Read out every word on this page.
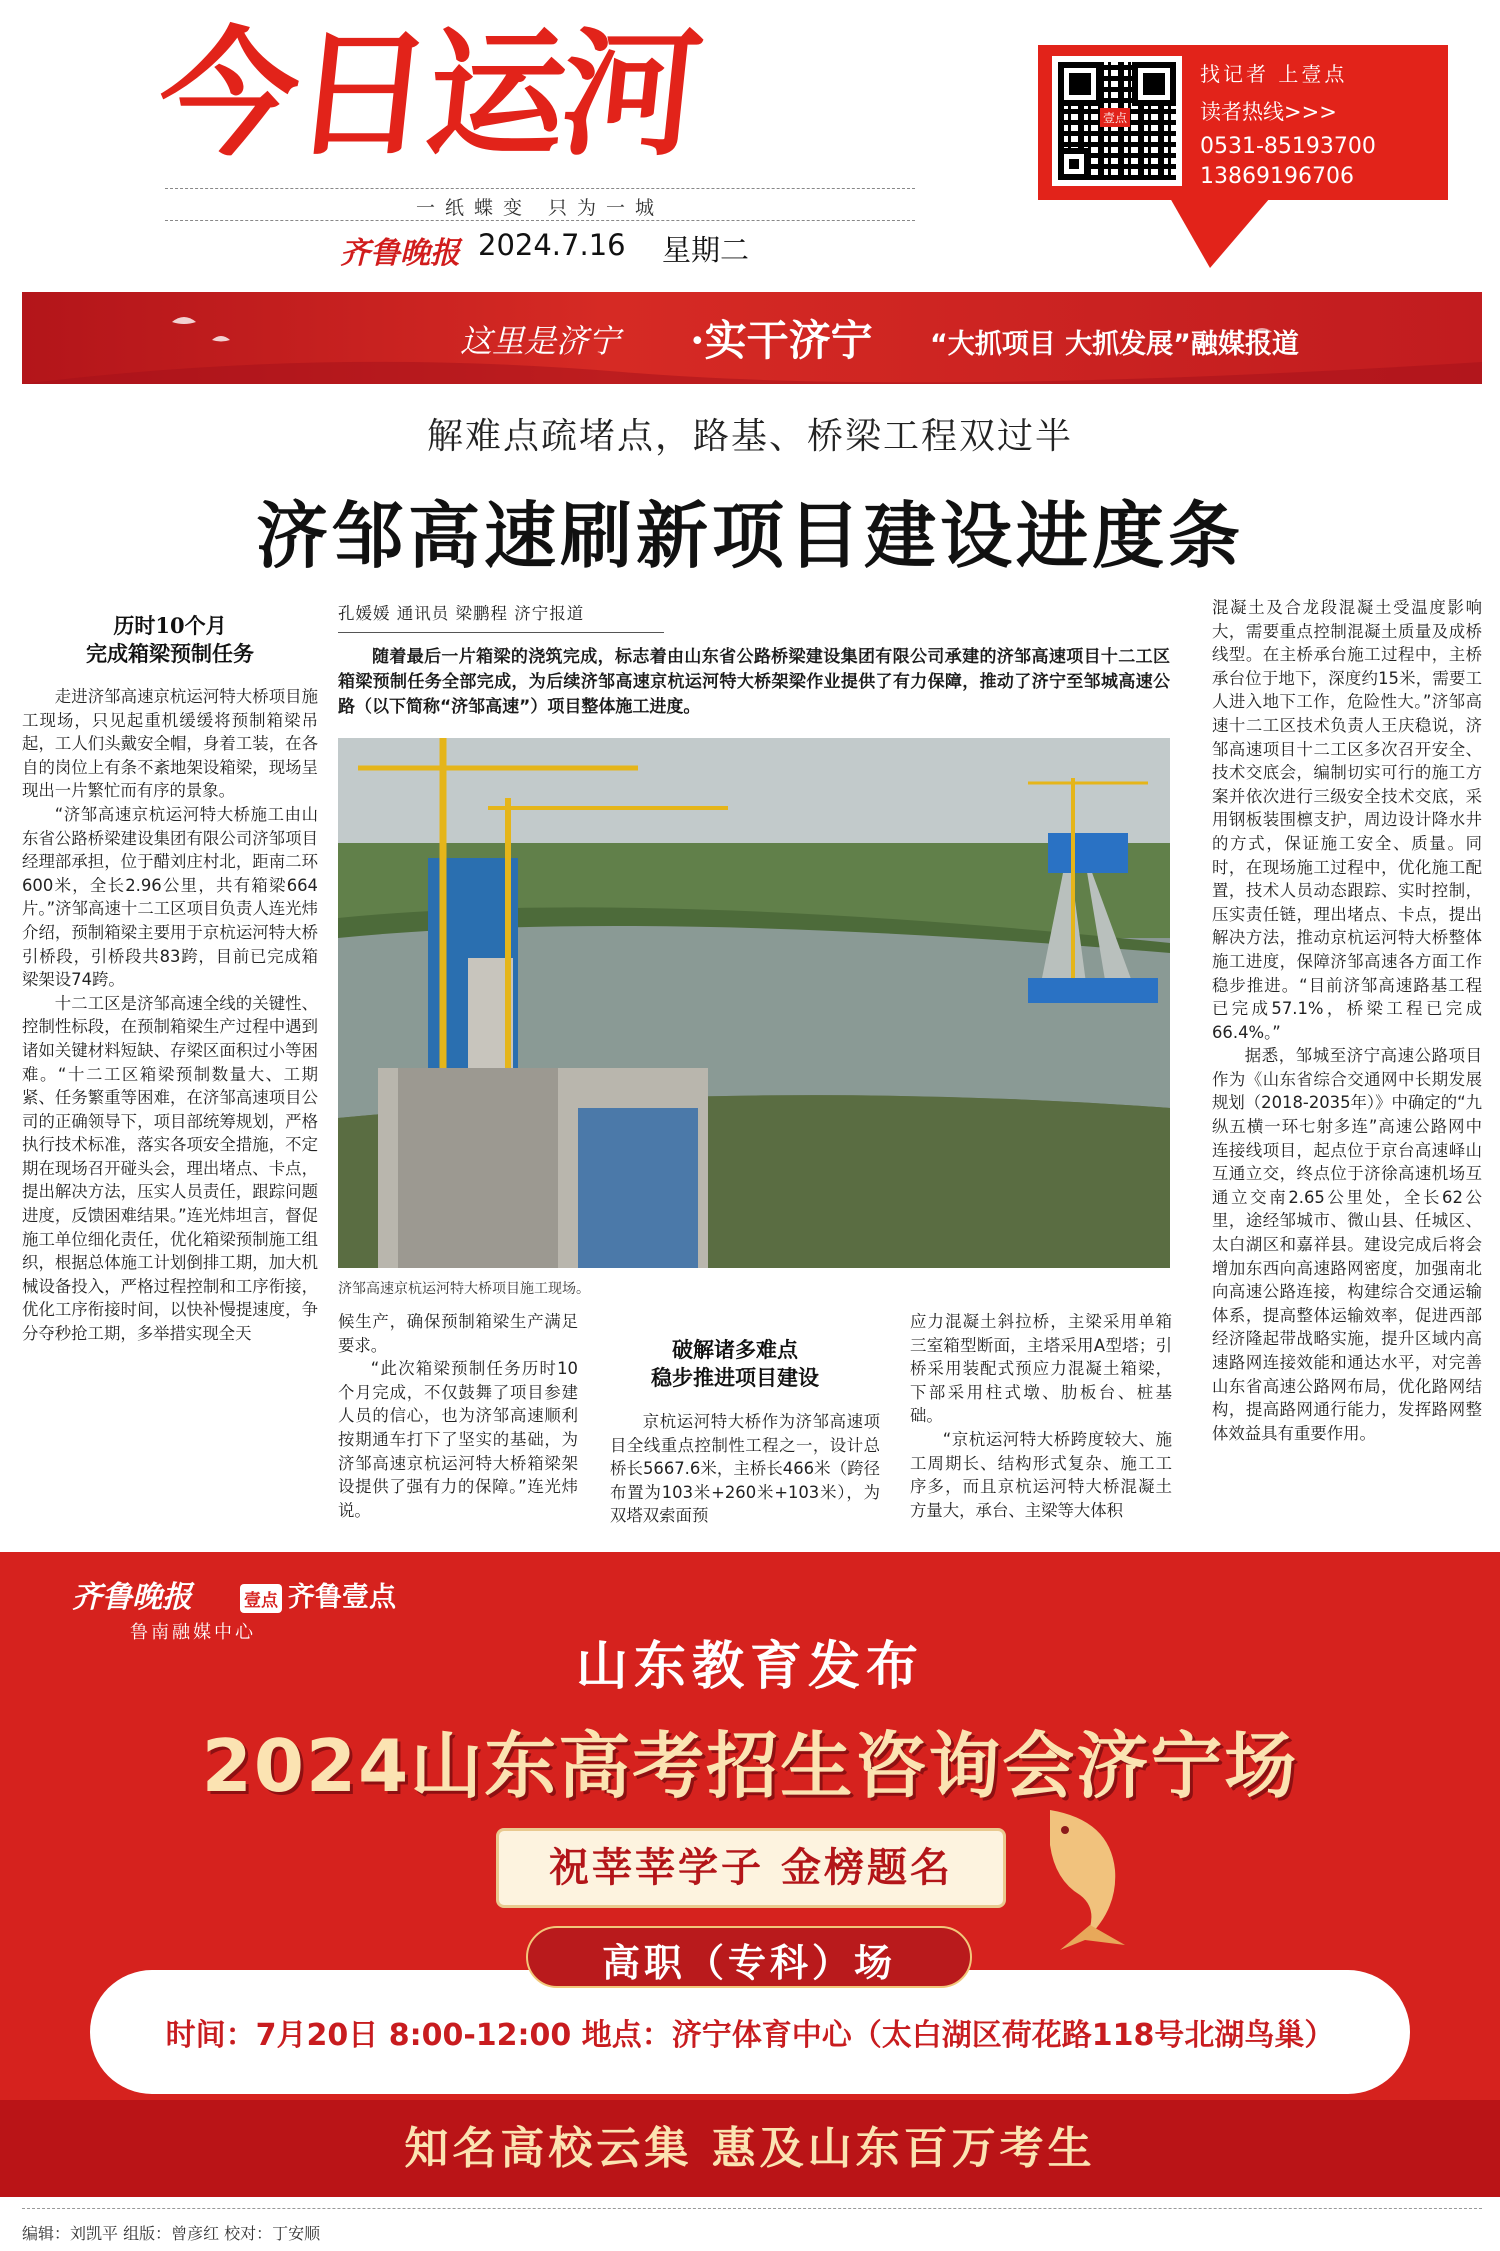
今日运河
一纸蝶变 只为一城
齐鲁晚报 2024.7.16 星期二
壹点
找记者 上壹点
读者热线>>>
0531-85193700
13869196706
这里是济宁 ·实干济宁 “大抓项目 大抓发展”融媒报道
解难点疏堵点，路基、桥梁工程双过半
济邹高速刷新项目建设进度条
历时10个月
完成箱梁预制任务

走进济邹高速京杭运河特大桥项目施工现场，只见起重机缓缓将预制箱梁吊起，工人们头戴安全帽，身着工装，在各自的岗位上有条不紊地架设箱梁，现场呈现出一片繁忙而有序的景象。

“济邹高速京杭运河特大桥施工由山东省公路桥梁建设集团有限公司济邹项目经理部承担，位于醋刘庄村北，距南二环600米，全长2.96公里，共有箱梁664片。”济邹高速十二工区项目负责人连光炜介绍，预制箱梁主要用于京杭运河特大桥引桥段，引桥段共83跨，目前已完成箱梁架设74跨。

十二工区是济邹高速全线的关键性、控制性标段，在预制箱梁生产过程中遇到诸如关键材料短缺、存梁区面积过小等困难。“十二工区箱梁预制数量大、工期紧、任务繁重等困难，在济邹高速项目公司的正确领导下，项目部统筹规划，严格执行技术标准，落实各项安全措施，不定期在现场召开碰头会，理出堵点、卡点，提出解决方法，压实人员责任，跟踪问题进度，反馈困难结果。”连光炜坦言，督促施工单位细化责任，优化箱梁预制施工组织，根据总体施工计划倒排工期，加大机械设备投入，严格过程控制和工序衔接，优化工序衔接时间，以快补慢提速度，争分夺秒抢工期，多举措实现全天

孔媛媛 通讯员 梁鹏程 济宁报道
随着最后一片箱梁的浇筑完成，标志着由山东省公路桥梁建设集团有限公司承建的济邹高速项目十二工区箱梁预制任务全部完成，为后续济邹高速京杭运河特大桥架梁作业提供了有力保障，推动了济宁至邹城高速公路（以下简称“济邹高速”）项目整体施工进度。
济邹高速京杭运河特大桥项目施工现场。

候生产，确保预制箱梁生产满足要求。

“此次箱梁预制任务历时10个月完成，不仅鼓舞了项目参建人员的信心，也为济邹高速顺利按期通车打下了坚实的基础，为济邹高速京杭运河特大桥箱梁架设提供了强有力的保障。”连光炜说。

破解诸多难点
稳步推进项目建设

京杭运河特大桥作为济邹高速项目全线重点控制性工程之一，设计总桥长5667.6米，主桥长466米（跨径布置为103米+260米+103米），为双塔双索面预

应力混凝土斜拉桥，主梁采用单箱三室箱型断面，主塔采用A型塔；引桥采用装配式预应力混凝土箱梁，下部采用柱式墩、肋板台、桩基础。

“京杭运河特大桥跨度较大、施工周期长、结构形式复杂、施工工序多，而且京杭运河特大桥混凝土方量大，承台、主梁等大体积

混凝土及合龙段混凝土受温度影响大，需要重点控制混凝土质量及成桥线型。在主桥承台施工过程中，主桥承台位于地下，深度约15米，需要工人进入地下工作，危险性大。”济邹高速十二工区技术负责人王庆稳说，济邹高速项目十二工区多次召开安全、技术交底会，编制切实可行的施工方案并依次进行三级安全技术交底，采用钢板装围檩支护，周边设计降水井的方式，保证施工安全、质量。同时，在现场施工过程中，优化施工配置，技术人员动态跟踪、实时控制，压实责任链，理出堵点、卡点，提出解决方法，推动京杭运河特大桥整体施工进度，保障济邹高速各方面工作稳步推进。“目前济邹高速路基工程已完成57.1%，桥梁工程已完成66.4%。”

据悉，邹城至济宁高速公路项目作为《山东省综合交通网中长期发展规划（2018-2035年）》中确定的“九纵五横一环七射多连”高速公路网中连接线项目，起点位于京台高速峄山互通立交，终点位于济徐高速机场互通立交南2.65公里处，全长62公里，途经邹城市、微山县、任城区、太白湖区和嘉祥县。建设完成后将会增加东西向高速路网密度，加强南北向高速公路连接，构建综合交通运输体系，提高整体运输效率，促进西部经济隆起带战略实施，提升区域内高速路网连接效能和通达水平，对完善山东省高速公路网布局，优化路网结构，提高路网通行能力，发挥路网整体效益具有重要作用。

齐鲁晚报	壹点 齐鲁壹点
鲁南融媒中心
山东教育发布
2024山东高考招生咨询会济宁场
祝莘莘学子 金榜题名
高职（专科）场
时间：7月20日 8:00-12:00 地点：济宁体育中心（太白湖区荷花路118号北湖鸟巢）
知名高校云集 惠及山东百万考生
编辑：刘凯平 组版：曾彦红 校对：丁安顺
